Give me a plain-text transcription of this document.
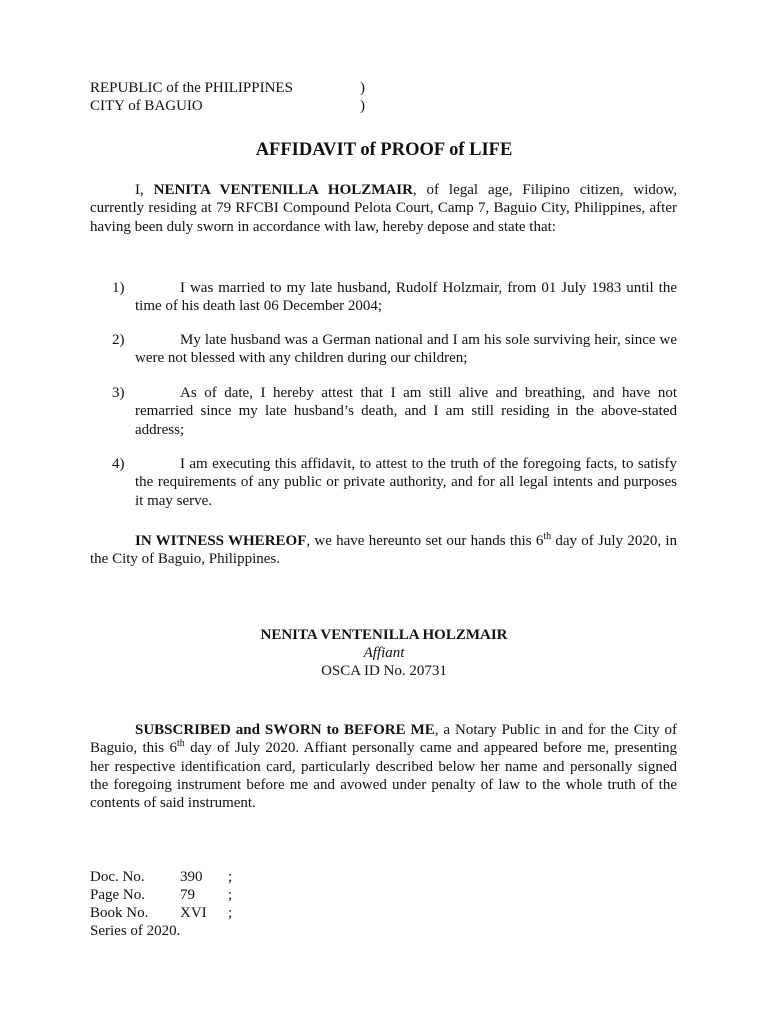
REPUBLIC of the PHILIPPINES	)
CITY of BAGUIO	)
AFFIDAVIT of PROOF of LIFE
I, NENITA VENTENILLA HOLZMAIR, of legal age, Filipino citizen, widow, currently residing at 79 RFCBI Compound Pelota Court, Camp 7, Baguio City, Philippines, after having been duly sworn in accordance with law, hereby depose and state that:
1)	I was married to my late husband, Rudolf Holzmair, from 01 July 1983 until the time of his death last 06 December 2004;
2)	My late husband was a German national and I am his sole surviving heir, since we were not blessed with any children during our children;
3)	As of date, I hereby attest that I am still alive and breathing, and have not remarried since my late husband’s death, and I am still residing in the above-stated address;
4)	I am executing this affidavit, to attest to the truth of the foregoing facts, to satisfy the requirements of any public or private authority, and for all legal intents and purposes it may serve.
IN WITNESS WHEREOF, we have hereunto set our hands this 6th day of July 2020, in the City of Baguio, Philippines.
NENITA VENTENILLA HOLZMAIR
Affiant
OSCA ID No. 20731
SUBSCRIBED and SWORN to BEFORE ME, a Notary Public in and for the City of Baguio, this 6th day of July 2020. Affiant personally came and appeared before me, presenting her respective identification card, particularly described below her name and personally signed the foregoing instrument before me and avowed under penalty of law to the whole truth of the contents of said instrument.
Doc. No. 390 ;
Page No. 79 ;
Book No. XVI ;
Series of 2020.
